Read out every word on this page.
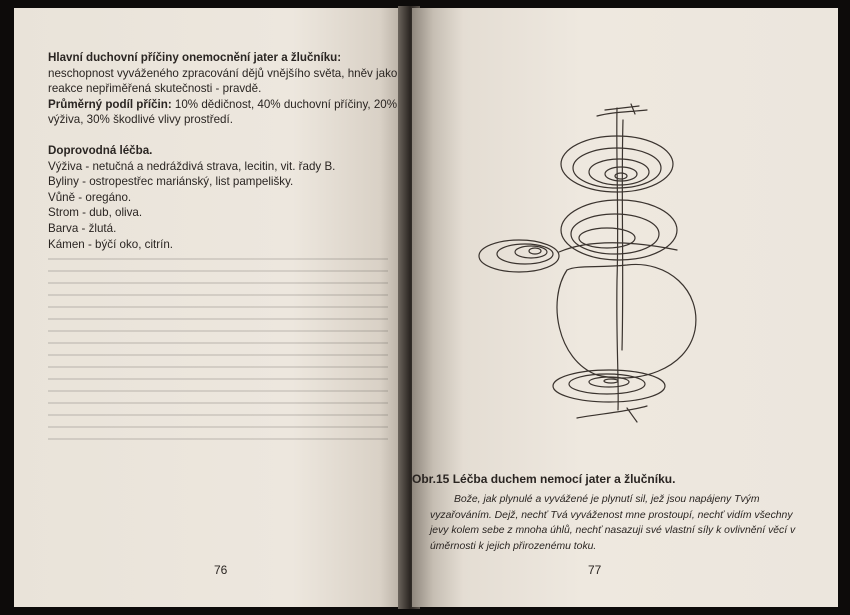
Hlavní duchovní příčiny onemocnění jater a žlučníku: neschopnost vyváženého zpracování dějů vnějšího světa, hněv jako reakce nepřiměřená skutečnosti - pravdě.

Průměrný podíl příčin: 10% dědičnost, 40% duchovní příčiny, 20% výživa, 30% škodlivé vlivy prostředí.

Doprovodná léčba.

Výživa - netučná a nedráždivá strava, lecitin, vit. řady B.

Byliny - ostropestřec mariánský, list pampelišky.

Vůně - oregáno.

Strom - dub, oliva.

Barva - žlutá.

Kámen - býčí oko, citrín.

76

Obr.15 Léčba duchem nemocí jater a žlučníku.

Bože, jak plynulé a vyvážené je plynutí sil, jež jsou napájeny Tvým vyzařováním. Dejž, nechť Tvá vyváženost mne prostoupí, nechť vidím všechny jevy kolem sebe z mnoha úhlů, nechť nasazuji své vlastní síly k ovlivnění věcí v úměrnosti k jejich přirozenému toku.

77
